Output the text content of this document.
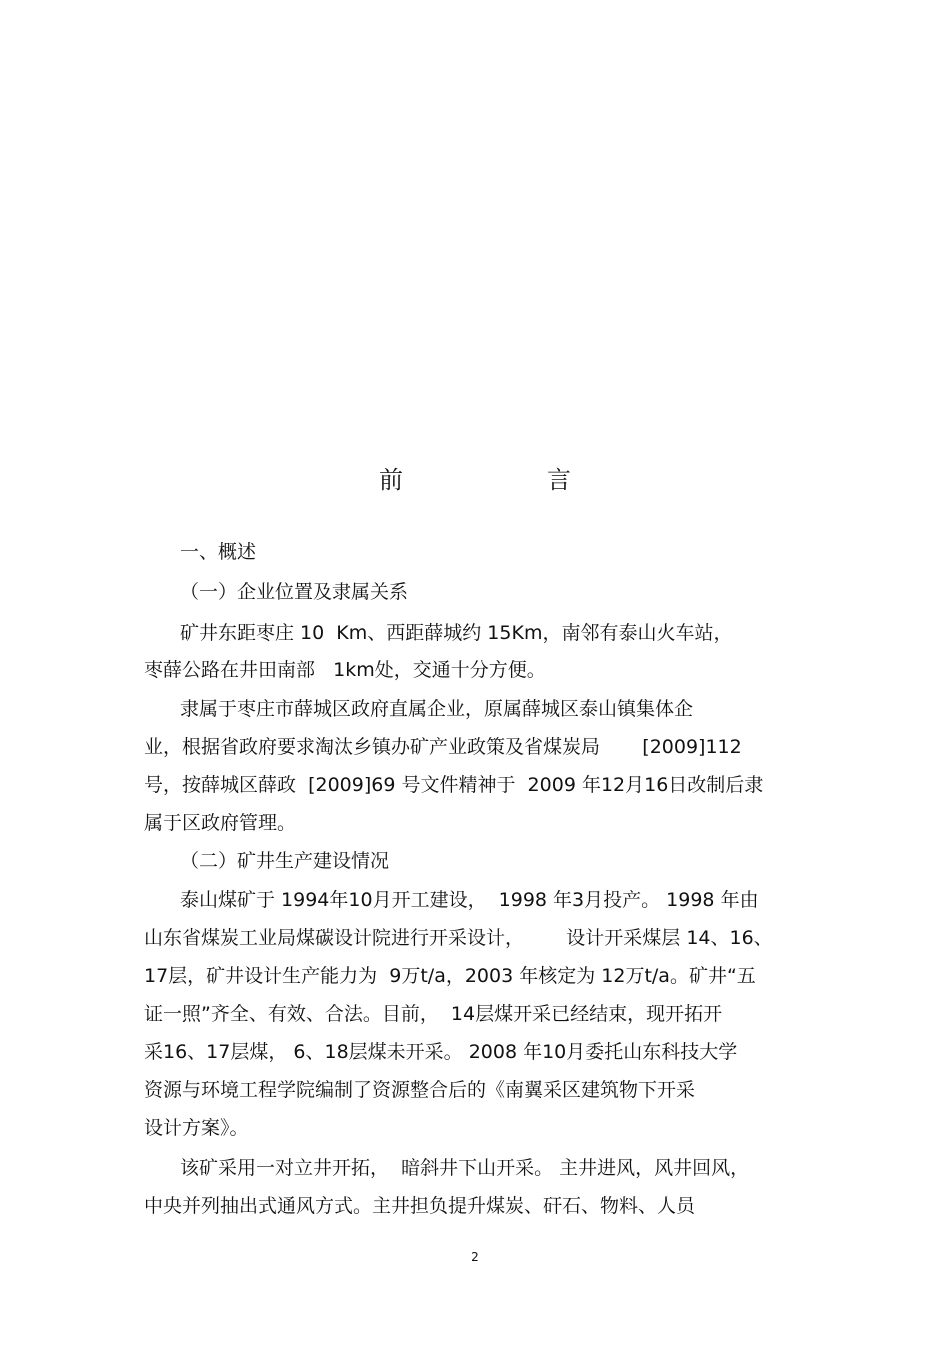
前　言
一、概述
（一）企业位置及隶属关系
矿井东距枣庄 10  Km、西距薛城约 15Km，南邻有泰山火车站，
枣薛公路在井田南部   1km处，交通十分方便。
隶属于枣庄市薛城区政府直属企业，原属薛城区泰山镇集体企
业，根据省政府要求淘汰乡镇办矿产业政策及省煤炭局       [2009]112
号，按薛城区薛政  [2009]69 号文件精神于  2009 年12月16日改制后隶
属于区政府管理。
（二）矿井生产建设情况
泰山煤矿于 1994年10月开工建设，  1998 年3月投产。 1998 年由
山东省煤炭工业局煤碳设计院进行开采设计，       设计开采煤层 14、16、
17层，矿井设计生产能力为  9万t/a，2003 年核定为 12万t/a。矿井“五
证一照”齐全、有效、合法。目前，  14层煤开采已经结束，现开拓开
采16、17层煤， 6、18层煤未开采。 2008 年10月委托山东科技大学
资源与环境工程学院编制了资源整合后的《南翼采区建筑物下开采
设计方案》。
该矿采用一对立井开拓，  暗斜井下山开采。 主井进风，风井回风，
中央并列抽出式通风方式。主井担负提升煤炭、矸石、物料、人员
2
